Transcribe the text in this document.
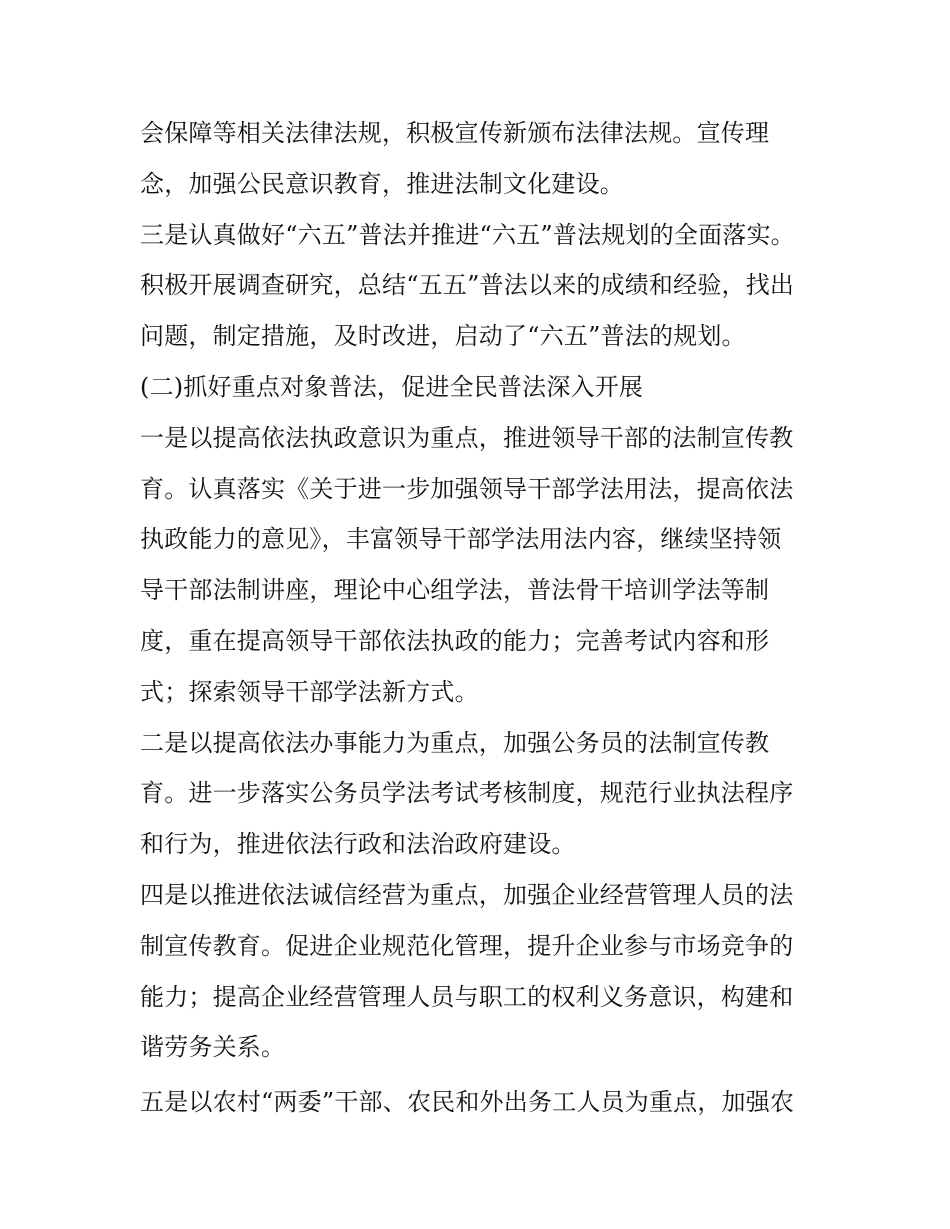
会保障等相关法律法规，积极宣传新颁布法律法规。宣传理
念，加强公民意识教育，推进法制文化建设。
三是认真做好“六五”普法并推进“六五”普法规划的全面落实。
积极开展调查研究，总结“五五”普法以来的成绩和经验，找出
问题，制定措施，及时改进，启动了“六五”普法的规划。
(二)抓好重点对象普法，促进全民普法深入开展
一是以提高依法执政意识为重点，推进领导干部的法制宣传教
育。认真落实《关于进一步加强领导干部学法用法，提高依法
执政能力的意见》，丰富领导干部学法用法内容，继续坚持领
导干部法制讲座，理论中心组学法，普法骨干培训学法等制
度，重在提高领导干部依法执政的能力；完善考试内容和形
式；探索领导干部学法新方式。
二是以提高依法办事能力为重点，加强公务员的法制宣传教
育。进一步落实公务员学法考试考核制度，规范行业执法程序
和行为，推进依法行政和法治政府建设。
四是以推进依法诚信经营为重点，加强企业经营管理人员的法
制宣传教育。促进企业规范化管理，提升企业参与市场竞争的
能力；提高企业经营管理人员与职工的权利义务意识，构建和
谐劳务关系。
五是以农村“两委”干部、农民和外出务工人员为重点，加强农
